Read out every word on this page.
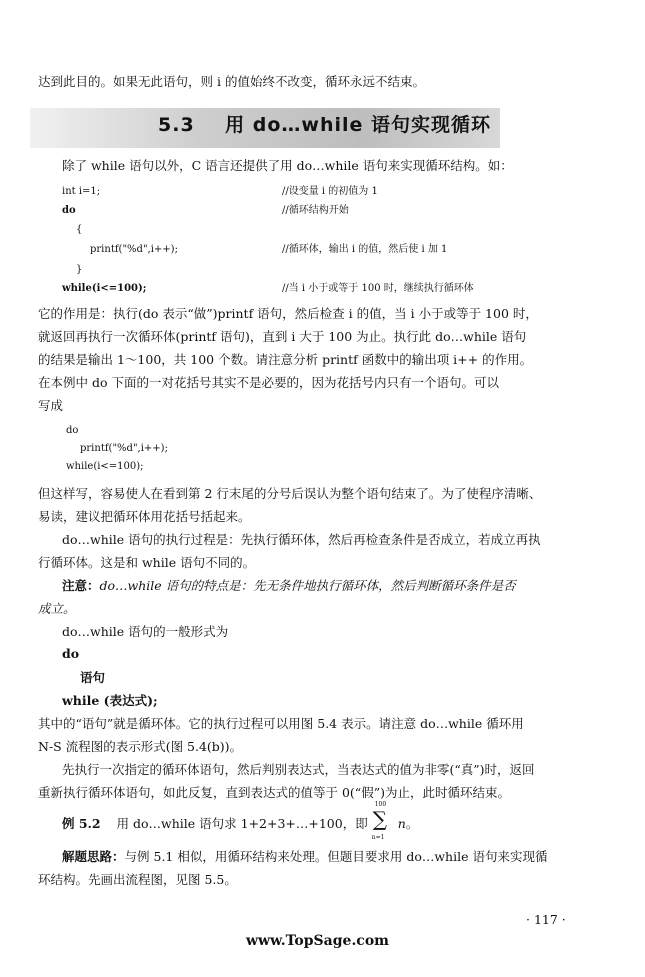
达到此目的。如果无此语句，则 i 的值始终不改变，循环永远不结束。
5.3 用 do…while 语句实现循环
除了 while 语句以外，C 语言还提供了用 do…while 语句来实现循环结构。如：
int i=1;	//设变量 i 的初值为 1
do	//循环结构开始
{
printf("%d",i++);	//循环体，输出 i 的值，然后使 i 加 1
}
while(i<=100);	//当 i 小于或等于 100 时，继续执行循环体
它的作用是：执行(do 表示“做”)printf 语句，然后检查 i 的值，当 i 小于或等于 100 时，
就返回再执行一次循环体(printf 语句)，直到 i 大于 100 为止。执行此 do…while 语句
的结果是输出 1～100，共 100 个数。请注意分析 printf 函数中的输出项 i++ 的作用。
在本例中 do 下面的一对花括号其实不是必要的，因为花括号内只有一个语句。可以
写成
do
printf("%d",i++);
while(i<=100);
但这样写，容易使人在看到第 2 行末尾的分号后误认为整个语句结束了。为了使程序清晰、
易读，建议把循环体用花括号括起来。
do…while 语句的执行过程是：先执行循环体，然后再检查条件是否成立，若成立再执
行循环体。这是和 while 语句不同的。
注意：do…while 语句的特点是：先无条件地执行循环体，然后判断循环条件是否
成立。
do…while 语句的一般形式为
do
语句
while (表达式);
其中的“语句”就是循环体。它的执行过程可以用图 5.4 表示。请注意 do…while 循环用
N-S 流程图的表示形式(图 5.4(b))。
先执行一次指定的循环体语句，然后判别表达式，当表达式的值为非零(“真”)时，返回
重新执行循环体语句，如此反复，直到表达式的值等于 0(“假”)为止，此时循环结束。
例 5.2 用 do…while 语句求 1+2+3+…+100，即
100
∑
n=1
n。
解题思路：与例 5.1 相似，用循环结构来处理。但题目要求用 do…while 语句来实现循
环结构。先画出流程图，见图 5.5。
· 117 ·
www.TopSage.com
